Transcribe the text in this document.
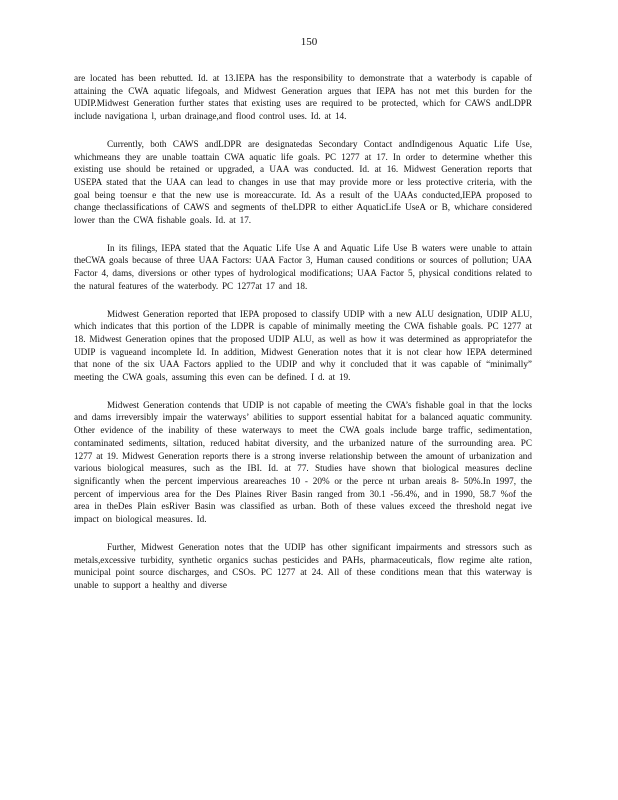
150

are located has been rebutted. Id. at 13.IEPA has the responsibility to demonstrate that a waterbody is capable of attaining the CWA aquatic lifegoals, and Midwest Generation argues that IEPA has not met this burden for the UDIP.Midwest Generation further states that existing uses are required to be protected, which for CAWS andLDPR include navigationa l, urban drainage,and flood control uses. Id. at 14.

Currently, both CAWS andLDPR are designatedas Secondary Contact andIndigenous Aquatic Life Use, whichmeans they are unable toattain CWA aquatic life goals. PC 1277 at 17. In order to determine whether this existing use should be retained or upgraded, a UAA was conducted. Id. at 16. Midwest Generation reports that USEPA stated that the UAA can lead to changes in use that may provide more or less protective criteria, with the goal being toensur e that the new use is moreaccurate. Id. As a result of the UAAs conducted,IEPA proposed to change theclassifications of CAWS and segments of theLDPR to either AquaticLife UseA or B, whichare considered lower than the CWA fishable goals. Id. at 17.

In its filings, IEPA stated that the Aquatic Life Use A and Aquatic Life Use B waters were unable to attain theCWA goals because of three UAA Factors: UAA Factor 3, Human caused conditions or sources of pollution; UAA Factor 4, dams, diversions or other types of hydrological modifications; UAA Factor 5, physical conditions related to the natural features of the waterbody. PC 1277at 17 and 18.

Midwest Generation reported that IEPA proposed to classify UDIP with a new ALU designation, UDIP ALU, which indicates that this portion of the LDPR is capable of minimally meeting the CWA fishable goals. PC 1277 at 18. Midwest Generation opines that the proposed UDIP ALU, as well as how it was determined as appropriatefor the UDIP is vagueand incomplete Id. In addition, Midwest Generation notes that it is not clear how IEPA determined that none of the six UAA Factors applied to the UDIP and why it concluded that it was capable of “minimally” meeting the CWA goals, assuming this even can be defined. I d. at 19.

Midwest Generation contends that UDIP is not capable of meeting the CWA’s fishable goal in that the locks and dams irreversibly impair the waterways’ abilities to support essential habitat for a balanced aquatic community. Other evidence of the inability of these waterways to meet the CWA goals include barge traffic, sedimentation, contaminated sediments, siltation, reduced habitat diversity, and the urbanized nature of the surrounding area. PC 1277 at 19. Midwest Generation reports there is a strong inverse relationship between the amount of urbanization and various biological measures, such as the IBI. Id. at 77. Studies have shown that biological measures decline significantly when the percent impervious areareaches 10 - 20% or the perce nt urban areais 8- 50%.In 1997, the percent of impervious area for the Des Plaines River Basin ranged from 30.1 -56.4%, and in 1990, 58.7 %of the area in theDes Plain esRiver Basin was classified as urban. Both of these values exceed the threshold negat ive impact on biological measures. Id.

Further, Midwest Generation notes that the UDIP has other significant impairments and stressors such as metals,excessive turbidity, synthetic organics suchas pesticides and PAHs, pharmaceuticals, flow regime alte ration, municipal point source discharges, and CSOs. PC 1277 at 24. All of these conditions mean that this waterway is unable to support a healthy and diverse
